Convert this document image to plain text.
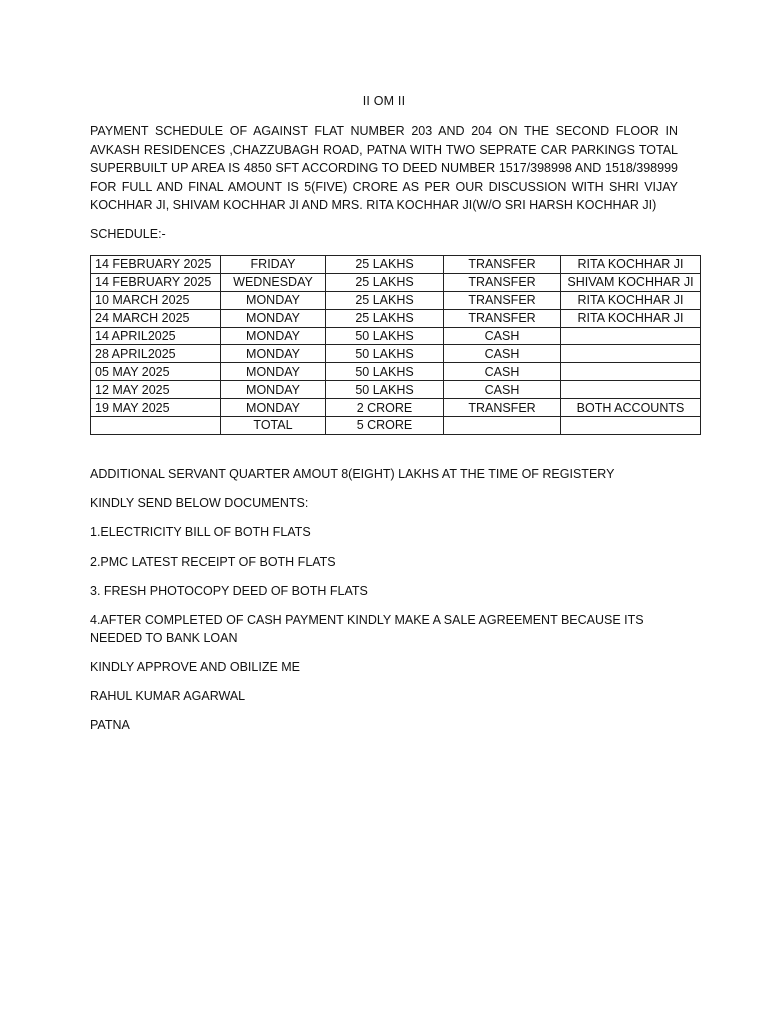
II OM II

PAYMENT SCHEDULE OF AGAINST FLAT NUMBER 203 AND 204 ON THE SECOND FLOOR IN AVKASH RESIDENCES ,CHAZZUBAGH ROAD, PATNA WITH TWO SEPRATE CAR PARKINGS TOTAL SUPERBUILT UP AREA IS 4850 SFT ACCORDING TO DEED NUMBER 1517/398998 AND 1518/398999 FOR FULL AND FINAL AMOUNT IS 5(FIVE) CRORE AS PER OUR DISCUSSION WITH SHRI VIJAY KOCHHAR JI, SHIVAM KOCHHAR JI AND MRS. RITA KOCHHAR JI(W/O SRI HARSH KOCHHAR JI)

SCHEDULE:-
14 FEBRUARY 2025	FRIDAY	25 LAKHS	TRANSFER	RITA KOCHHAR JI
14 FEBRUARY 2025	WEDNESDAY	25 LAKHS	TRANSFER	SHIVAM KOCHHAR JI
10 MARCH 2025	MONDAY	25 LAKHS	TRANSFER	RITA KOCHHAR JI
24 MARCH 2025	MONDAY	25 LAKHS	TRANSFER	RITA KOCHHAR JI
14 APRIL2025	MONDAY	50 LAKHS	CASH	
28 APRIL2025	MONDAY	50 LAKHS	CASH	
05 MAY 2025	MONDAY	50 LAKHS	CASH	
12 MAY 2025	MONDAY	50 LAKHS	CASH	
19 MAY 2025	MONDAY	2 CRORE	TRANSFER	BOTH ACCOUNTS
	TOTAL	5 CRORE		

ADDITIONAL SERVANT QUARTER AMOUT 8(EIGHT) LAKHS AT THE TIME OF REGISTERY

KINDLY SEND BELOW DOCUMENTS:

1.ELECTRICITY BILL OF BOTH FLATS

2.PMC LATEST RECEIPT OF BOTH FLATS

3. FRESH PHOTOCOPY DEED OF BOTH FLATS

4.AFTER COMPLETED OF CASH PAYMENT KINDLY MAKE A SALE AGREEMENT BECAUSE ITS NEEDED TO BANK LOAN

KINDLY APPROVE AND OBILIZE ME

RAHUL KUMAR AGARWAL

PATNA
